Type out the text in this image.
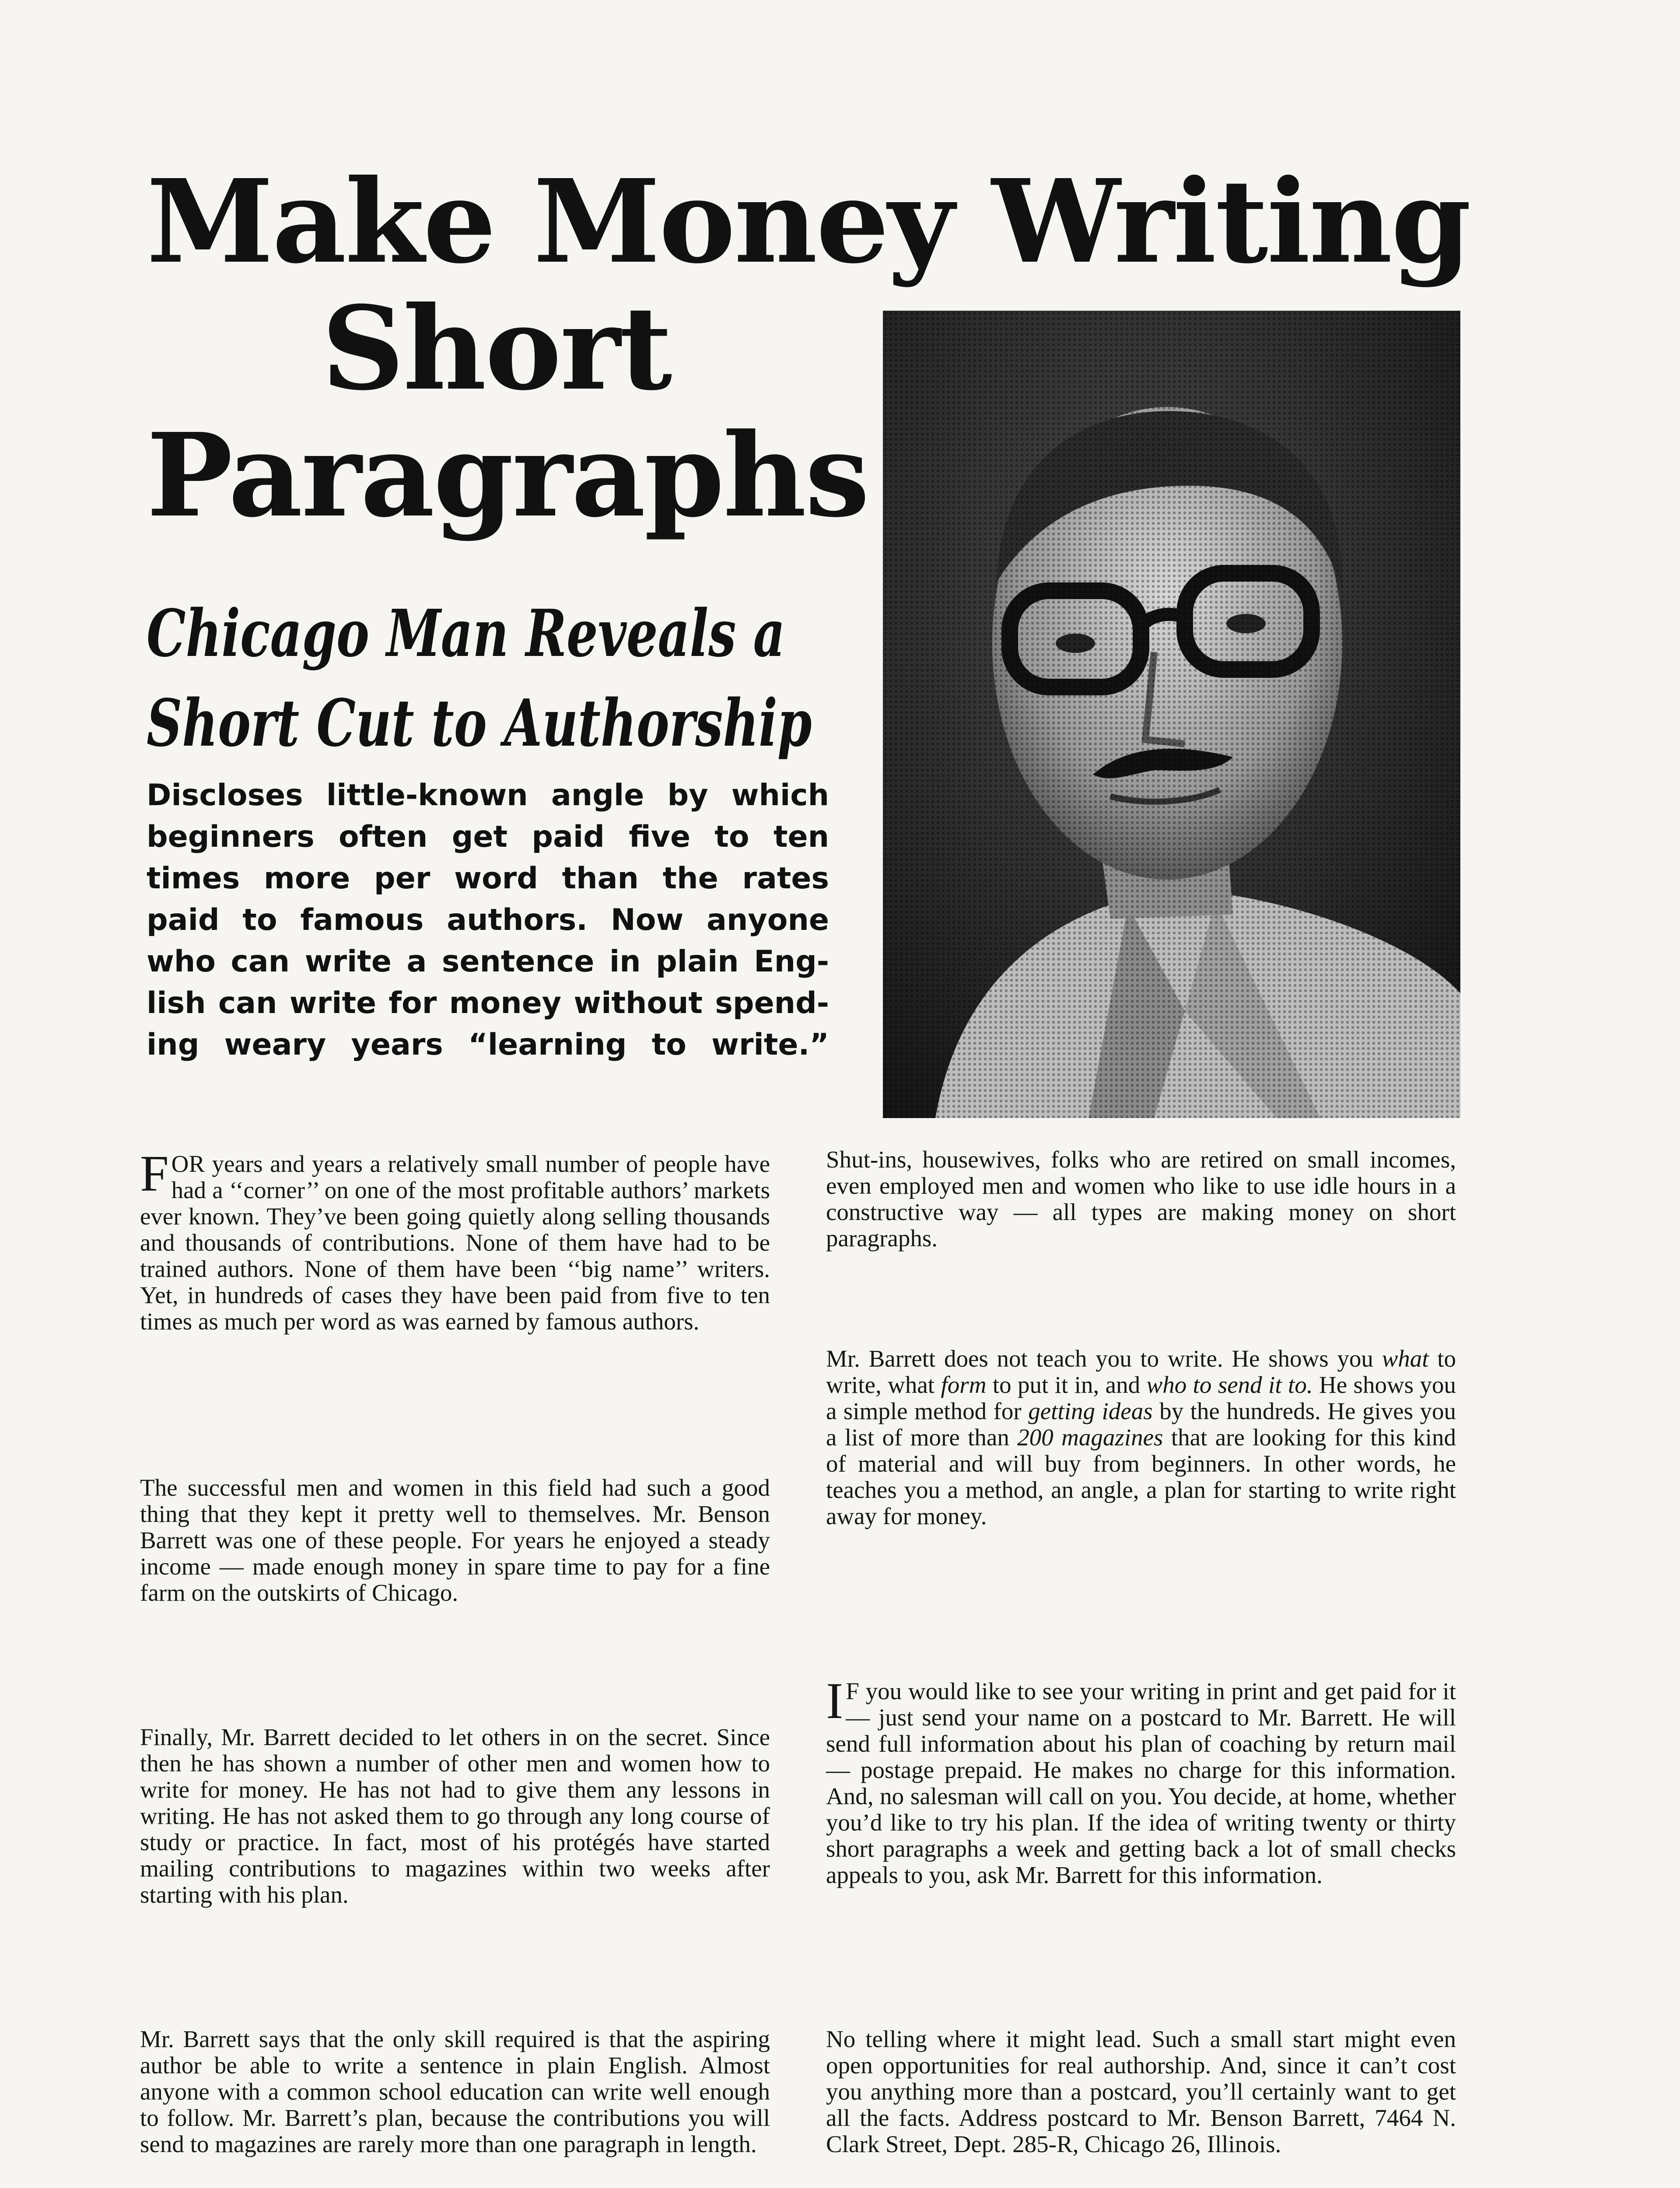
Make Money Writing
Short
Paragraphs
Chicago Man Reveals a
Short Cut to Authorship
Discloses little-known angle by which
beginners often get paid five to ten
times more per word than the rates
paid to famous authors. Now anyone
who can write a sentence in plain Eng-
lish can write for money without spend-
ing weary years “learning to write.”

FOR years and years a relatively small number of people have had a ‘‘corner’’ on one of the most profitable authors’ markets ever known. They’ve been going quietly along selling thousands and thousands of contributions. None of them have had to be trained authors. None of them have been ‘‘big name’’ writers. Yet, in hundreds of cases they have been paid from five to ten times as much per word as was earned by famous authors.

The successful men and women in this field had such a good thing that they kept it pretty well to themselves. Mr. Benson Barrett was one of these people. For years he enjoyed a steady income — made enough money in spare time to pay for a fine farm on the outskirts of Chicago.

Finally, Mr. Barrett decided to let others in on the secret. Since then he has shown a number of other men and women how to write for money. He has not had to give them any lessons in writing. He has not asked them to go through any long course of study or practice. In fact, most of his protégés have started mailing contributions to magazines within two weeks after starting with his plan.

Mr. Barrett says that the only skill required is that the aspiring author be able to write a sentence in plain English. Almost anyone with a common school education can write well enough to follow. Mr. Barrett’s plan, because the contributions you will send to magazines are rarely more than one paragraph in length.

Shut-ins, housewives, folks who are retired on small incomes, even employed men and women who like to use idle hours in a constructive way — all types are making money on short paragraphs.

Mr. Barrett does not teach you to write. He shows you what to write, what form to put it in, and who to send it to. He shows you a simple method for getting ideas by the hundreds. He gives you a list of more than 200 magazines that are looking for this kind of material and will buy from beginners. In other words, he teaches you a method, an angle, a plan for starting to write right away for money.

I F you would like to see your writing in print and get paid for it — just send your name on a postcard to Mr. Barrett. He will send full information about his plan of coaching by return mail — postage prepaid. He makes no charge for this information. And, no salesman will call on you. You decide, at home, whether you’d like to try his plan. If the idea of writing twenty or thirty short paragraphs a week and getting back a lot of small checks appeals to you, ask Mr. Barrett for this information.

No telling where it might lead. Such a small start might even open opportunities for real authorship. And, since it can’t cost you anything more than a postcard, you’ll certainly want to get all the facts. Address postcard to Mr. Benson Barrett, 7464 N. Clark Street, Dept. 285-R, Chicago 26, Illinois.
